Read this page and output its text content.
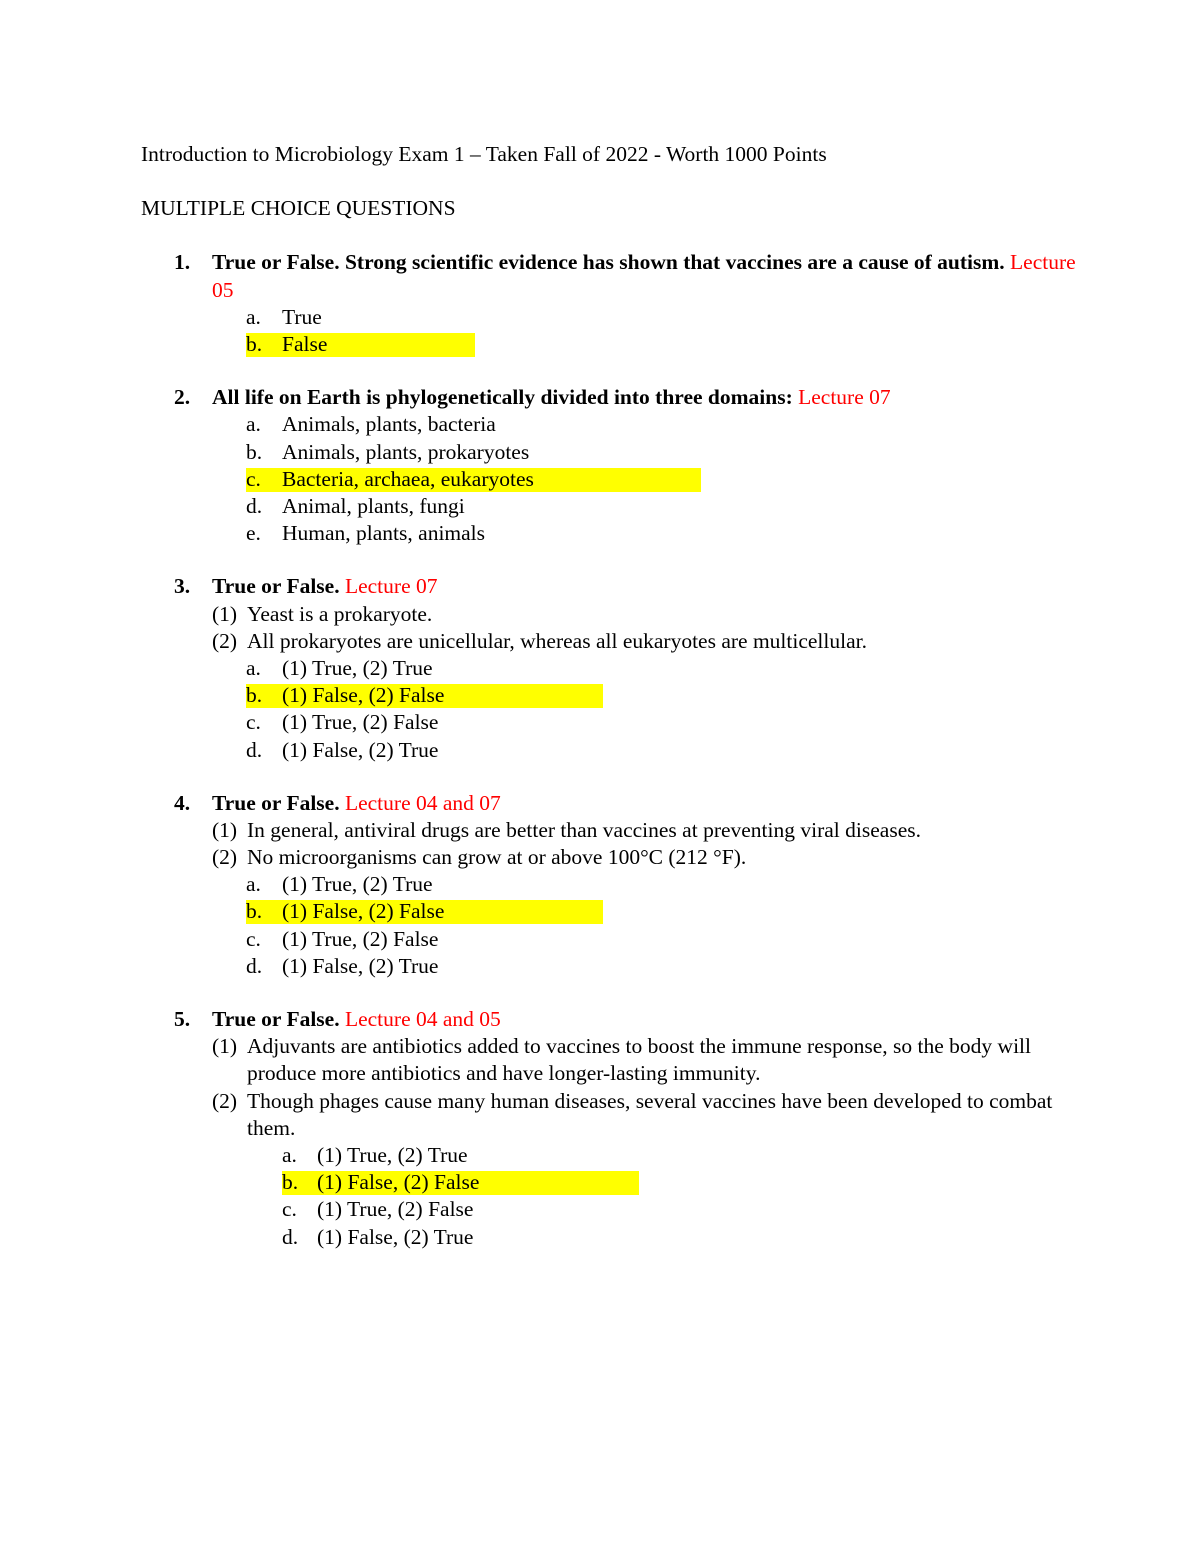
Introduction to Microbiology Exam 1 – Taken Fall of 2022 - Worth 1000 Points
MULTIPLE CHOICE QUESTIONS
1. True or False. Strong scientific evidence has shown that vaccines are a cause of autism. Lecture 05
a. True
b. False
2. All life on Earth is phylogenetically divided into three domains: Lecture 07
a. Animals, plants, bacteria
b. Animals, plants, prokaryotes
c. Bacteria, archaea, eukaryotes
d. Animal, plants, fungi
e. Human, plants, animals
3. True or False. Lecture 07
(1) Yeast is a prokaryote.
(2) All prokaryotes are unicellular, whereas all eukaryotes are multicellular.
a. (1) True, (2) True
b. (1) False, (2) False
c. (1) True, (2) False
d. (1) False, (2) True
4. True or False. Lecture 04 and 07
(1) In general, antiviral drugs are better than vaccines at preventing viral diseases.
(2) No microorganisms can grow at or above 100°C (212 °F).
a. (1) True, (2) True
b. (1) False, (2) False
c. (1) True, (2) False
d. (1) False, (2) True
5. True or False. Lecture 04 and 05
(1) Adjuvants are antibiotics added to vaccines to boost the immune response, so the body will produce more antibiotics and have longer-lasting immunity.
(2) Though phages cause many human diseases, several vaccines have been developed to combat them.
a. (1) True, (2) True
b. (1) False, (2) False
c. (1) True, (2) False
d. (1) False, (2) True
